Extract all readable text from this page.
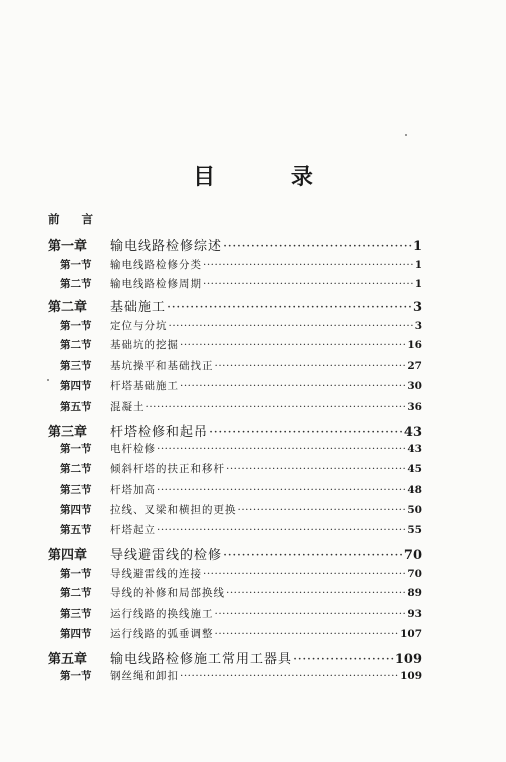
目 录
前 言
第一章	输电线路检修综述 ·····	1
第一节	输电线路检修分类 ·····	1
第二节	输电线路检修周期 ·····	1
第二章	基础施工 ·····	3
第一节	定位与分坑 ·····	3
第二节	基础坑的挖掘 ·····	16
第三节	基坑操平和基础找正 ·····	27
第四节	杆塔基础施工 ·····	30
第五节	混凝土 ·····	36
第三章	杆塔检修和起吊 ·····	43
第一节	电杆检修 ·····	43
第二节	倾斜杆塔的扶正和移杆 ·····	45
第三节	杆塔加高 ·····	48
第四节	拉线、叉梁和横担的更换 ·····	50
第五节	杆塔起立 ·····	55
第四章	导线避雷线的检修 ·····	70
第一节	导线避雷线的连接 ·····	70
第二节	导线的补修和局部换线 ·····	89
第三节	运行线路的换线施工 ·····	93
第四节	运行线路的弧垂调整 ·····	107
第五章	输电线路检修施工常用工器具 ·····	109
第一节	钢丝绳和卸扣 ·····	109
